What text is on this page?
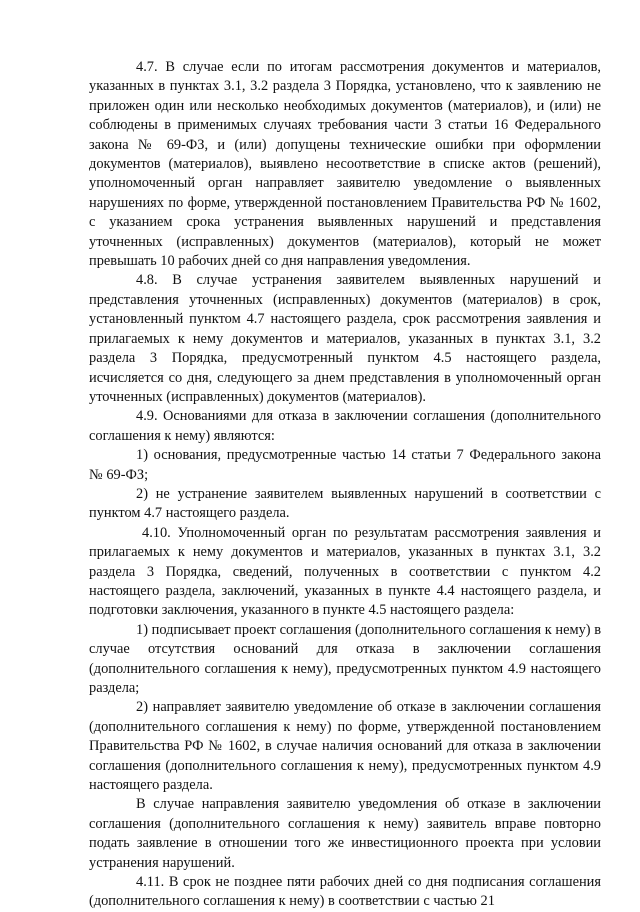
4.7. В случае если по итогам рассмотрения документов и материалов, указанных в пунктах 3.1, 3.2 раздела 3 Порядка, установлено, что к заявлению не приложен один или несколько необходимых документов (материалов), и (или) не соблюдены в применимых случаях требования части 3 статьи 16 Федерального закона № 69-ФЗ, и (или) допущены технические ошибки при оформлении документов (материалов), выявлено несоответствие в списке актов (решений), уполномоченный орган направляет заявителю уведомление о выявленных нарушениях по форме, утвержденной постановлением Правительства РФ № 1602, с указанием срока устранения выявленных нарушений и представления уточненных (исправленных) документов (материалов), который не может превышать 10 рабочих дней со дня направления уведомления.

4.8. В случае устранения заявителем выявленных нарушений и представления уточненных (исправленных) документов (материалов) в срок, установленный пунктом 4.7 настоящего раздела, срок рассмотрения заявления и прилагаемых к нему документов и материалов, указанных в пунктах 3.1, 3.2 раздела 3 Порядка, предусмотренный пунктом 4.5 настоящего раздела, исчисляется со дня, следующего за днем представления в уполномоченный орган уточненных (исправленных) документов (материалов).

4.9. Основаниями для отказа в заключении соглашения (дополнительного соглашения к нему) являются:

1) основания, предусмотренные частью 14 статьи 7 Федерального закона № 69-ФЗ;

2) не устранение заявителем выявленных нарушений в соответствии с пунктом 4.7 настоящего раздела.

4.10. Уполномоченный орган по результатам рассмотрения заявления и прилагаемых к нему документов и материалов, указанных в пунктах 3.1, 3.2 раздела 3 Порядка, сведений, полученных в соответствии с пунктом 4.2 настоящего раздела, заключений, указанных в пункте 4.4 настоящего раздела, и подготовки заключения, указанного в пункте 4.5 настоящего раздела:

1) подписывает проект соглашения (дополнительного соглашения к нему) в случае отсутствия оснований для отказа в заключении соглашения (дополнительного соглашения к нему), предусмотренных пунктом 4.9 настоящего раздела;

2) направляет заявителю уведомление об отказе в заключении соглашения (дополнительного соглашения к нему) по форме, утвержденной постановлением Правительства РФ № 1602, в случае наличия оснований для отказа в заключении соглашения (дополнительного соглашения к нему), предусмотренных пунктом 4.9 настоящего раздела.

В случае направления заявителю уведомления об отказе в заключении соглашения (дополнительного соглашения к нему) заявитель вправе повторно подать заявление в отношении того же инвестиционного проекта при условии устранения нарушений.

4.11. В срок не позднее пяти рабочих дней со дня подписания соглашения (дополнительного соглашения к нему) в соответствии с частью 21
